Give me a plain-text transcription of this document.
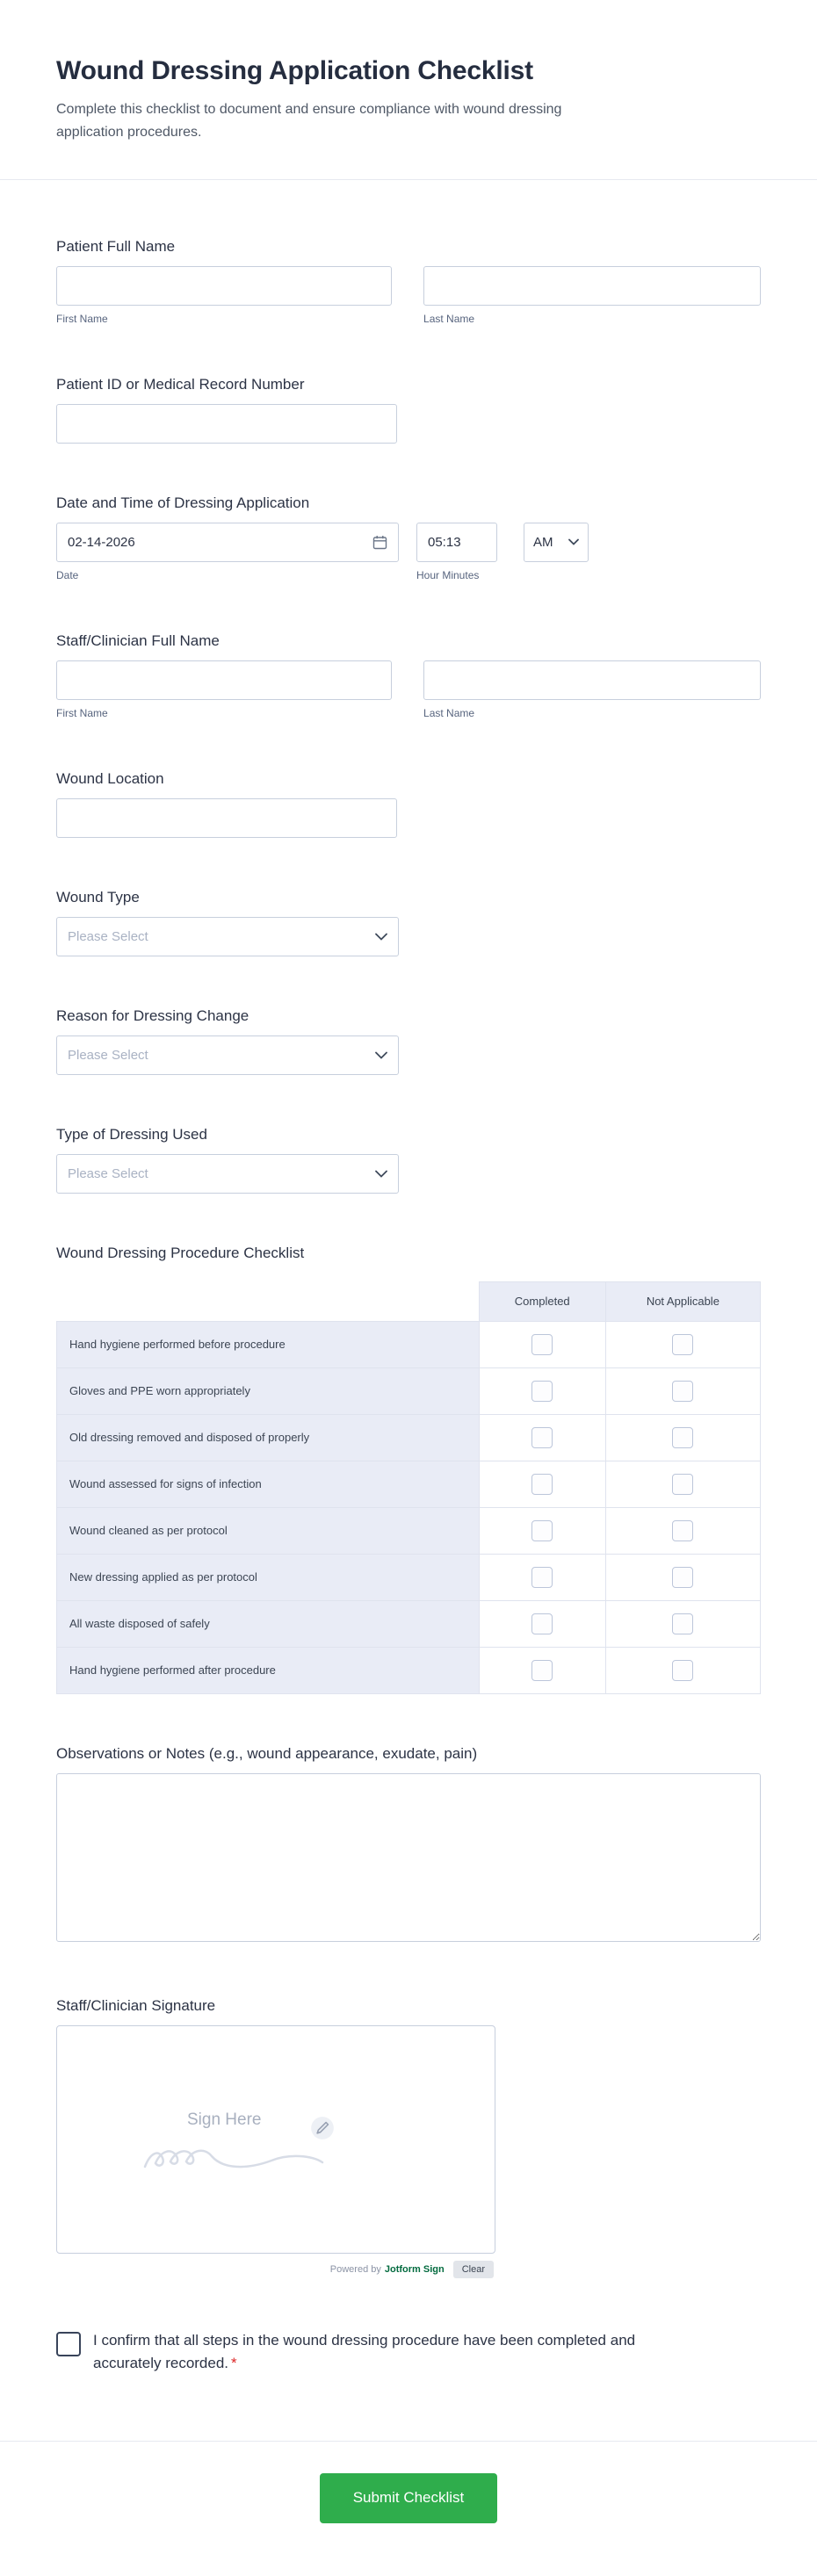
Wound Dressing Application Checklist

Complete this checklist to document and ensure compliance with wound dressing application procedures.

Patient Full Name
First Name	Last Name
Patient ID or Medical Record Number
Date and Time of Dressing Application
02-14-2026
Date
05:13
Hour Minutes
AM
Staff/Clinician Full Name
First Name	Last Name
Wound Location
Wound Type
Please Select
Reason for Dressing Change
Please Select
Type of Dressing Used
Please Select
Wound Dressing Procedure Checklist
	Completed	Not Applicable
Hand hygiene performed before procedure	

Gloves and PPE worn appropriately	

Old dressing removed and disposed of properly	

Wound assessed for signs of infection	

Wound cleaned as per protocol	

New dressing applied as per protocol	

All waste disposed of safely	

Hand hygiene performed after procedure	

Observations or Notes (e.g., wound appearance, exudate, pain)
Staff/Clinician Signature
Sign Here
Powered by Jotform Sign	Clear
I confirm that all steps in the wound dressing procedure have been completed and accurately recorded. *
Submit Checklist
